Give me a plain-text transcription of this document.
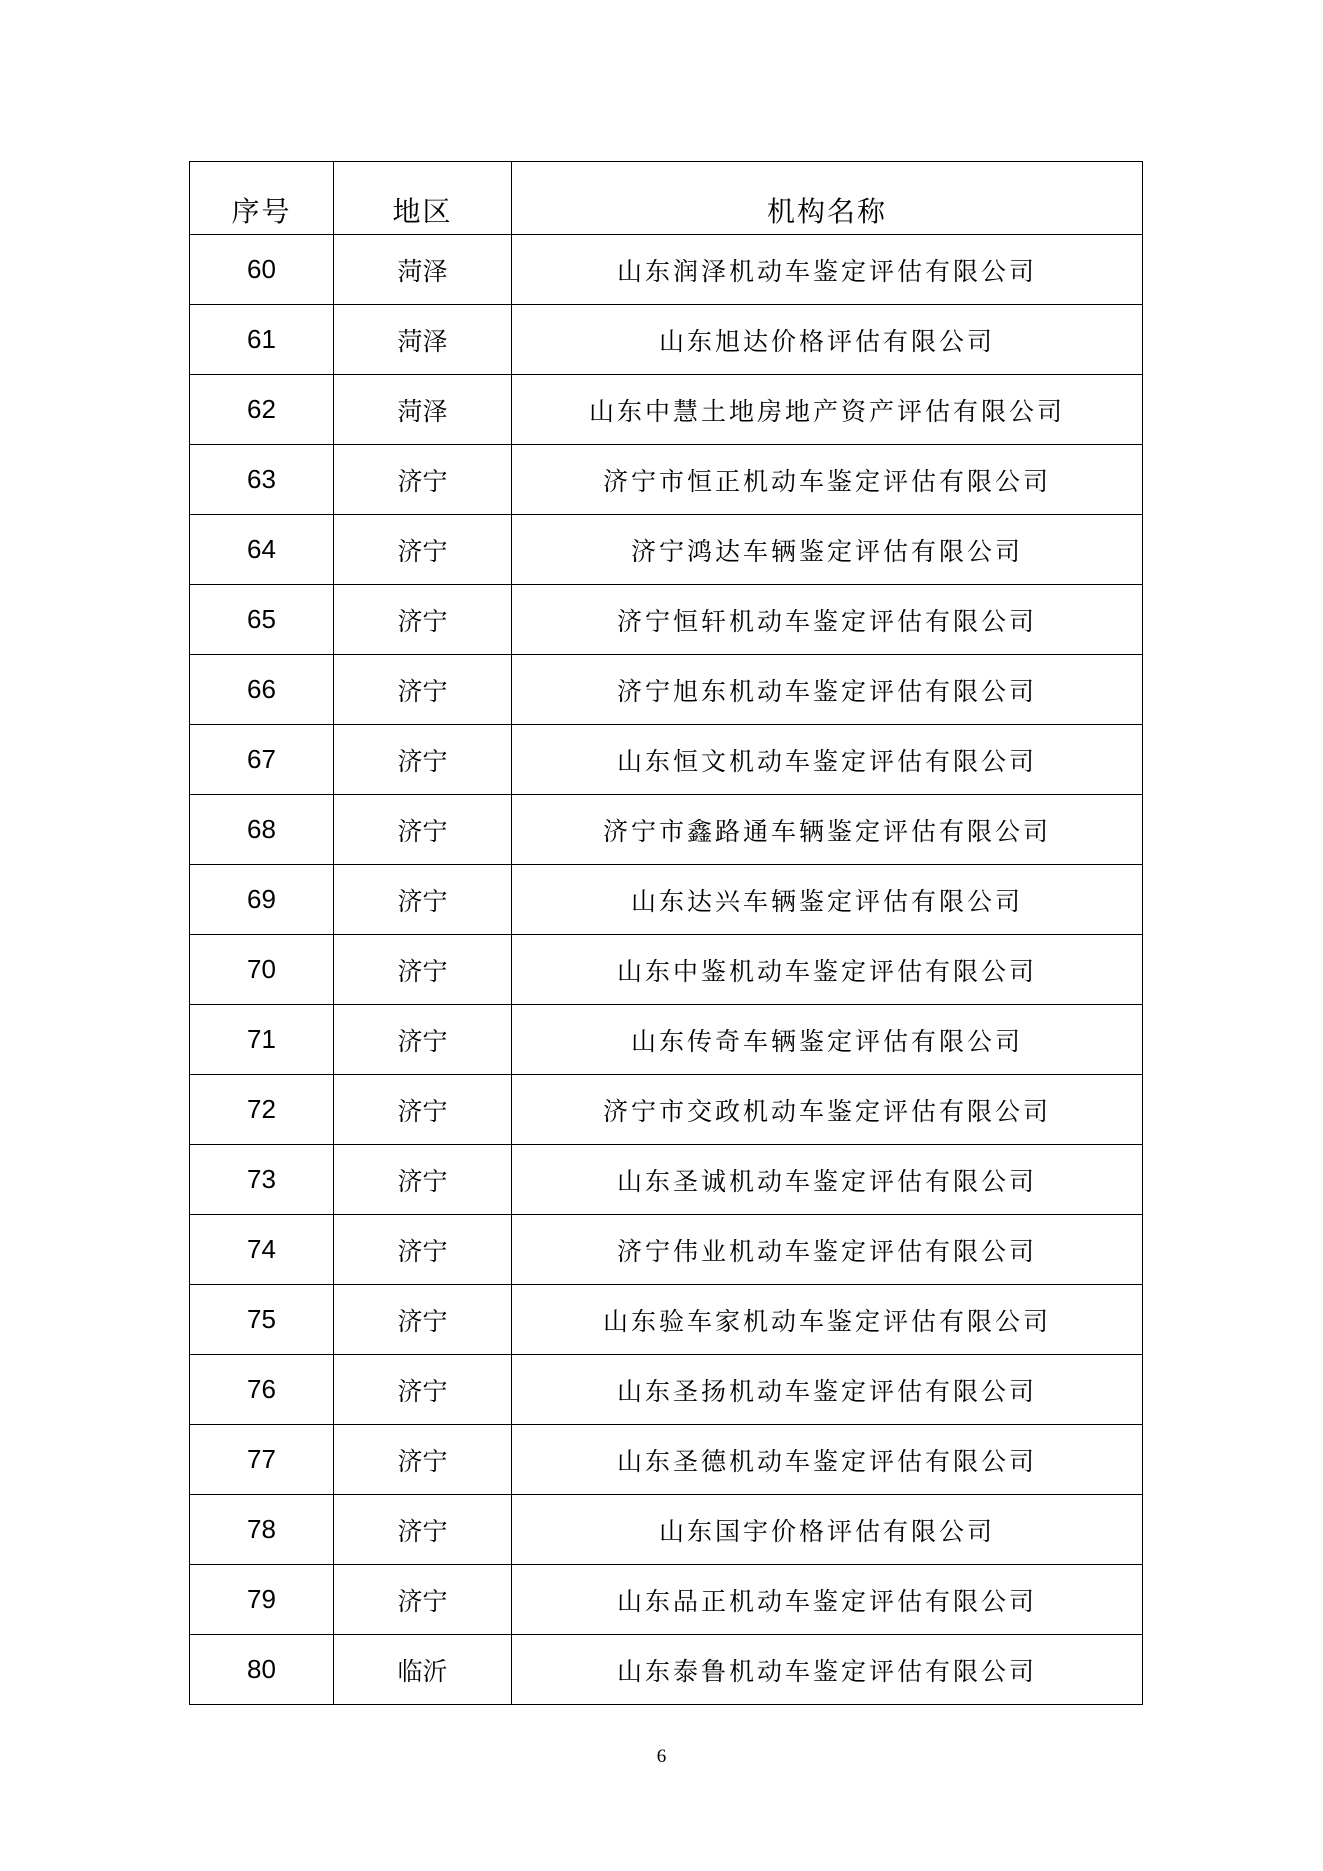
序号	地区	机构名称
60	菏泽	山东润泽机动车鉴定评估有限公司
61	菏泽	山东旭达价格评估有限公司
62	菏泽	山东中慧土地房地产资产评估有限公司
63	济宁	济宁市恒正机动车鉴定评估有限公司
64	济宁	济宁鸿达车辆鉴定评估有限公司
65	济宁	济宁恒轩机动车鉴定评估有限公司
66	济宁	济宁旭东机动车鉴定评估有限公司
67	济宁	山东恒文机动车鉴定评估有限公司
68	济宁	济宁市鑫路通车辆鉴定评估有限公司
69	济宁	山东达兴车辆鉴定评估有限公司
70	济宁	山东中鉴机动车鉴定评估有限公司
71	济宁	山东传奇车辆鉴定评估有限公司
72	济宁	济宁市交政机动车鉴定评估有限公司
73	济宁	山东圣诚机动车鉴定评估有限公司
74	济宁	济宁伟业机动车鉴定评估有限公司
75	济宁	山东验车家机动车鉴定评估有限公司
76	济宁	山东圣扬机动车鉴定评估有限公司
77	济宁	山东圣德机动车鉴定评估有限公司
78	济宁	山东国宇价格评估有限公司
79	济宁	山东品正机动车鉴定评估有限公司
80	临沂	山东泰鲁机动车鉴定评估有限公司
6
